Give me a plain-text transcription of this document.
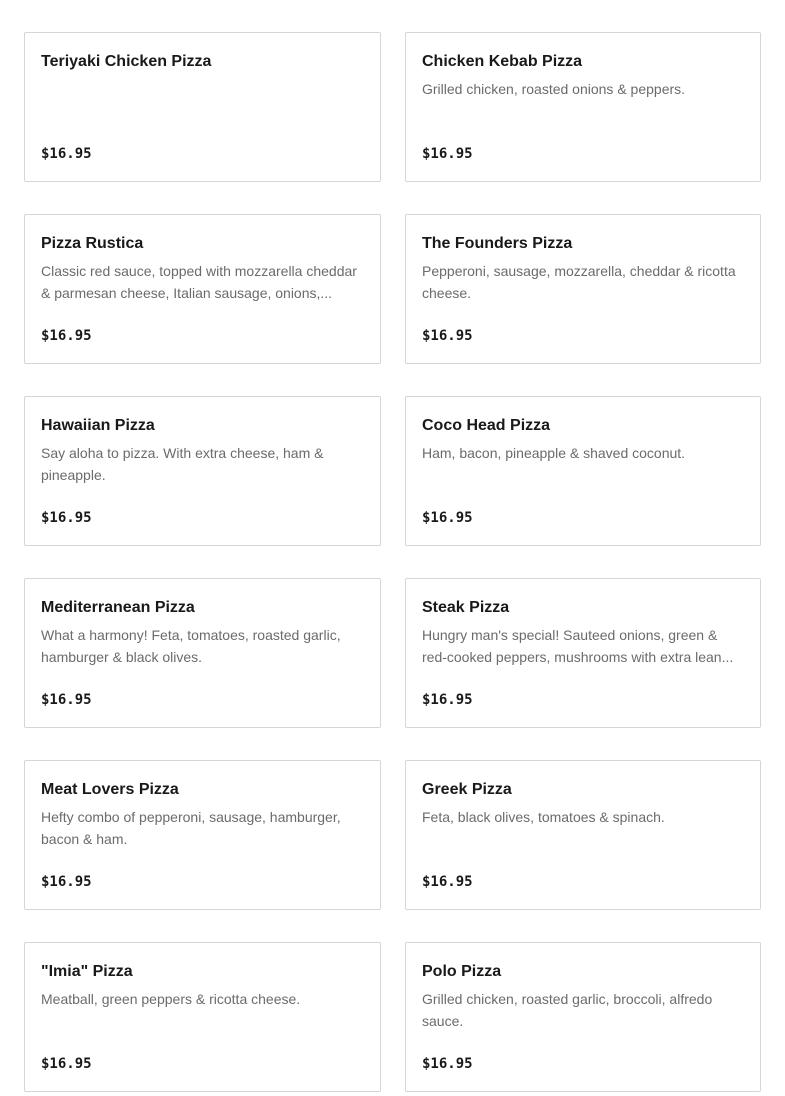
Teriyaki Chicken Pizza
$16.95
Chicken Kebab Pizza
Grilled chicken, roasted onions & peppers.
$16.95
Pizza Rustica
Classic red sauce, topped with mozzarella cheddar & parmesan cheese, Italian sausage, onions,...
$16.95
The Founders Pizza
Pepperoni, sausage, mozzarella, cheddar & ricotta cheese.
$16.95
Hawaiian Pizza
Say aloha to pizza. With extra cheese, ham & pineapple.
$16.95
Coco Head Pizza
Ham, bacon, pineapple & shaved coconut.
$16.95
Mediterranean Pizza
What a harmony! Feta, tomatoes, roasted garlic, hamburger & black olives.
$16.95
Steak Pizza
Hungry man's special! Sauteed onions, green & red-cooked peppers, mushrooms with extra lean...
$16.95
Meat Lovers Pizza
Hefty combo of pepperoni, sausage, hamburger, bacon & ham.
$16.95
Greek Pizza
Feta, black olives, tomatoes & spinach.
$16.95
"Imia" Pizza
Meatball, green peppers & ricotta cheese.
$16.95
Polo Pizza
Grilled chicken, roasted garlic, broccoli, alfredo sauce.
$16.95
